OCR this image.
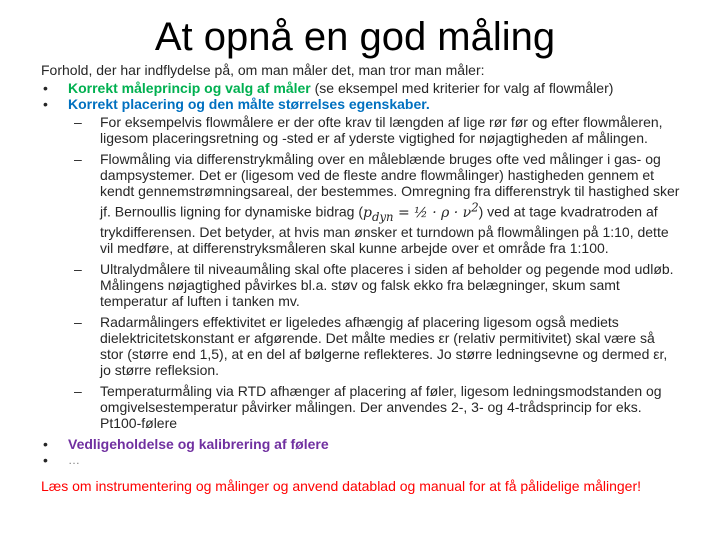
At opnå en god måling
Forhold, der har indflydelse på, om man måler det, man tror man måler:
•	Korrekt måleprincip og valg af måler (se eksempel med kriterier for valg af flowmåler)
•	Korrekt placering og den målte størrelses egenskaber.
–	For eksempelvis flowmålere er der ofte krav til længden af lige rør før og efter flowmåleren, ligesom placeringsretning og -sted er af yderste vigtighed for nøjagtigheden af målingen.
–	Flowmåling via differenstrykmåling over en måleblænde bruges ofte ved målinger i gas- og dampsystemer. Det er (ligesom ved de fleste andre flowmålinger) hastigheden gennem et kendt gennemstrømningsareal, der bestemmes. Omregning fra differenstryk til hastighed sker jf. Bernoullis ligning for dynamiske bidrag ($p_{dyn}$ = ½ · $\rho \cdot \nu^2$) ved at tage kvadratroden af trykdifferensen. Det betyder, at hvis man ønsker et turndown på flowmålingen på 1:10, dette vil medføre, at differenstryksmåleren skal kunne arbejde over et område fra 1:100.
–	Ultralydmålere til niveaumåling skal ofte placeres i siden af beholder og pegende mod udløb. Målingens nøjagtighed påvirkes bl.a. støv og falsk ekko fra belægninger, skum samt temperatur af luften i tanken mv.
–	Radarmålingers effektivitet er ligeledes afhængig af placering ligesom også mediets dielektricitetskonstant er afgørende. Det målte medies εr (relativ permitivitet) skal være så stor (større end 1,5), at en del af bølgerne reflekteres. Jo større ledningsevne og dermed εr, jo større refleksion.
–	Temperaturmåling via RTD afhænger af placering af føler, ligesom ledningsmodstanden og omgivelsestemperatur påvirker målingen. Der anvendes 2-, 3- og 4-trådsprincip for eks. Pt100-følere
•	Vedligeholdelse og kalibrering af følere
•	…
Læs om instrumentering og målinger og anvend datablad og manual for at få pålidelige målinger!
